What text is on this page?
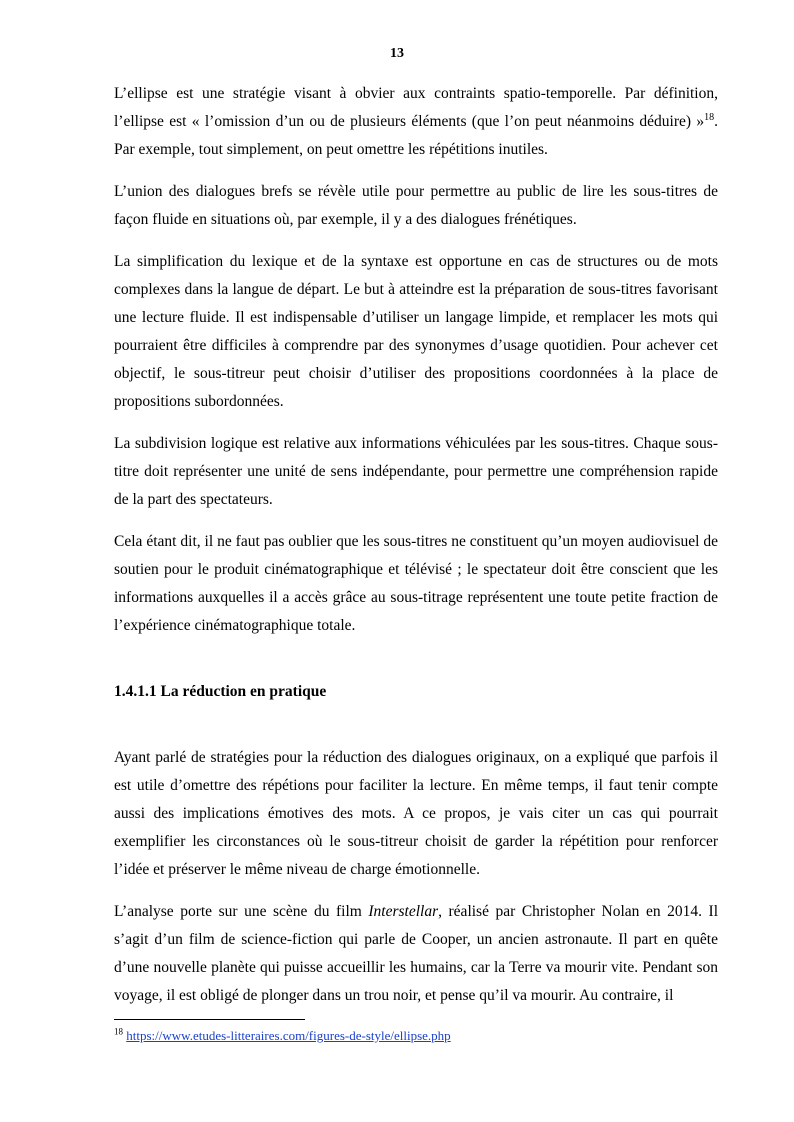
13

L’ellipse est une stratégie visant à obvier aux contraints spatio-temporelle. Par définition, l’ellipse est « l’omission d’un ou de plusieurs éléments (que l’on peut néanmoins déduire) »$^{18}$. Par exemple, tout simplement, on peut omettre les répétitions inutiles.

L’union des dialogues brefs se révèle utile pour permettre au public de lire les sous-titres de façon fluide en situations où, par exemple, il y a des dialogues frénétiques.

La simplification du lexique et de la syntaxe est opportune en cas de structures ou de mots complexes dans la langue de départ. Le but à atteindre est la préparation de sous-titres favorisant une lecture fluide. Il est indispensable d’utiliser un langage limpide, et remplacer les mots qui pourraient être difficiles à comprendre par des synonymes d’usage quotidien. Pour achever cet objectif, le sous-titreur peut choisir d’utiliser des propositions coordonnées à la place de propositions subordonnées.

La subdivision logique est relative aux informations véhiculées par les sous-titres. Chaque sous-titre doit représenter une unité de sens indépendante, pour permettre une compréhension rapide de la part des spectateurs.

Cela étant dit, il ne faut pas oublier que les sous-titres ne constituent qu’un moyen audiovisuel de soutien pour le produit cinématographique et télévisé ; le spectateur doit être conscient que les informations auxquelles il a accès grâce au sous-titrage représentent une toute petite fraction de l’expérience cinématographique totale.

1.4.1.1 La réduction en pratique

Ayant parlé de stratégies pour la réduction des dialogues originaux, on a expliqué que parfois il est utile d’omettre des répétions pour faciliter la lecture. En même temps, il faut tenir compte aussi des implications émotives des mots. A ce propos, je vais citer un cas qui pourrait exemplifier les circonstances où le sous-titreur choisit de garder la répétition pour renforcer l’idée et préserver le même niveau de charge émotionnelle.

L’analyse porte sur une scène du film Interstellar, réalisé par Christopher Nolan en 2014. Il s’agit d’un film de science-fiction qui parle de Cooper, un ancien astronaute. Il part en quête d’une nouvelle planète qui puisse accueillir les humains, car la Terre va mourir vite. Pendant son voyage, il est obligé de plonger dans un trou noir, et pense qu’il va mourir. Au contraire, il

$^{18}$ https://www.etudes-litteraires.com/figures-de-style/ellipse.php
